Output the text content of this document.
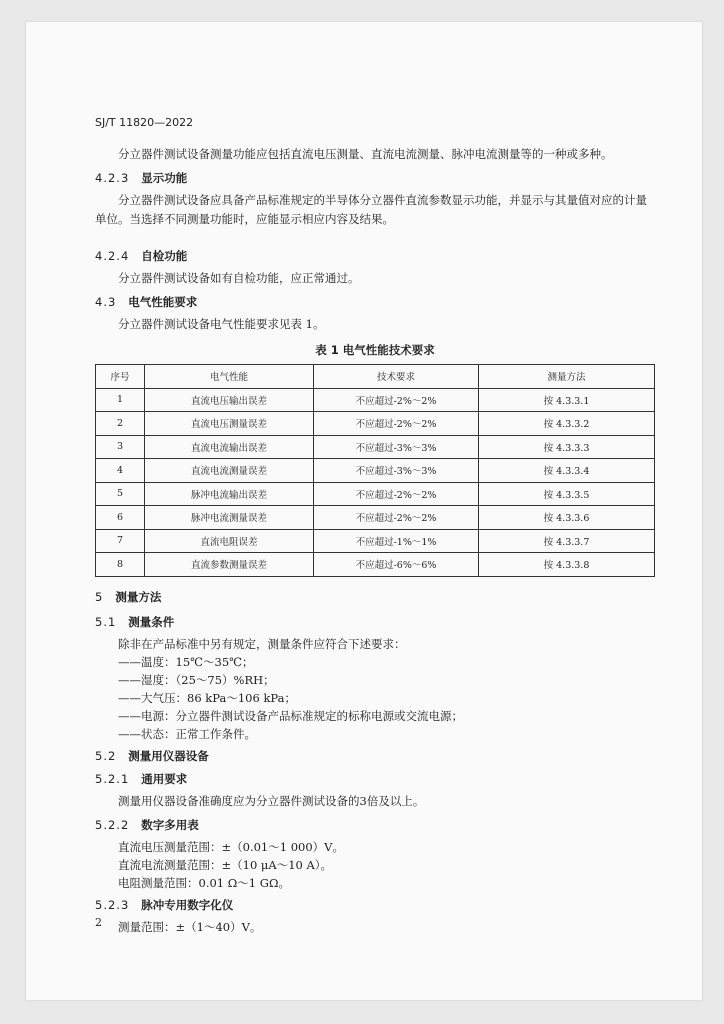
SJ/T 11820—2022

分立器件测试设备测量功能应包括直流电压测量、直流电流测量、脉冲电流测量等的一种或多种。

4.2.3 显示功能

分立器件测试设备应具备产品标准规定的半导体分立器件直流参数显示功能，并显示与其量值对应的计量单位。当选择不同测量功能时，应能显示相应内容及结果。

4.2.4 自检功能

分立器件测试设备如有自检功能，应正常通过。

4.3 电气性能要求

分立器件测试设备电气性能要求见表 1。

表 1 电气性能技术要求
序号	电气性能	技术要求	测量方法
1	直流电压输出误差	不应超过-2%～2%	按 4.3.3.1
2	直流电压测量误差	不应超过-2%～2%	按 4.3.3.2
3	直流电流输出误差	不应超过-3%～3%	按 4.3.3.3
4	直流电流测量误差	不应超过-3%～3%	按 4.3.3.4
5	脉冲电流输出误差	不应超过-2%～2%	按 4.3.3.5
6	脉冲电流测量误差	不应超过-2%～2%	按 4.3.3.6
7	直流电阻误差	不应超过-1%～1%	按 4.3.3.7
8	直流参数测量误差	不应超过-6%～6%	按 4.3.3.8
5 测量方法
5.1 测量条件

除非在产品标准中另有规定，测量条件应符合下述要求：

——温度：15℃～35℃；

——湿度：（25～75）%RH；

——大气压：86 kPa～106 kPa；

——电源：分立器件测试设备产品标准规定的标称电源或交流电源；

——状态：正常工作条件。

5.2 测量用仪器设备
5.2.1 通用要求

测量用仪器设备准确度应为分立器件测试设备的3倍及以上。

5.2.2 数字多用表

直流电压测量范围：±（0.01～1 000）V。

直流电流测量范围：±（10 μA～10 A）。

电阻测量范围：0.01 Ω～1 GΩ。

5.2.3 脉冲专用数字化仪

测量范围：±（1～40）V。

2
